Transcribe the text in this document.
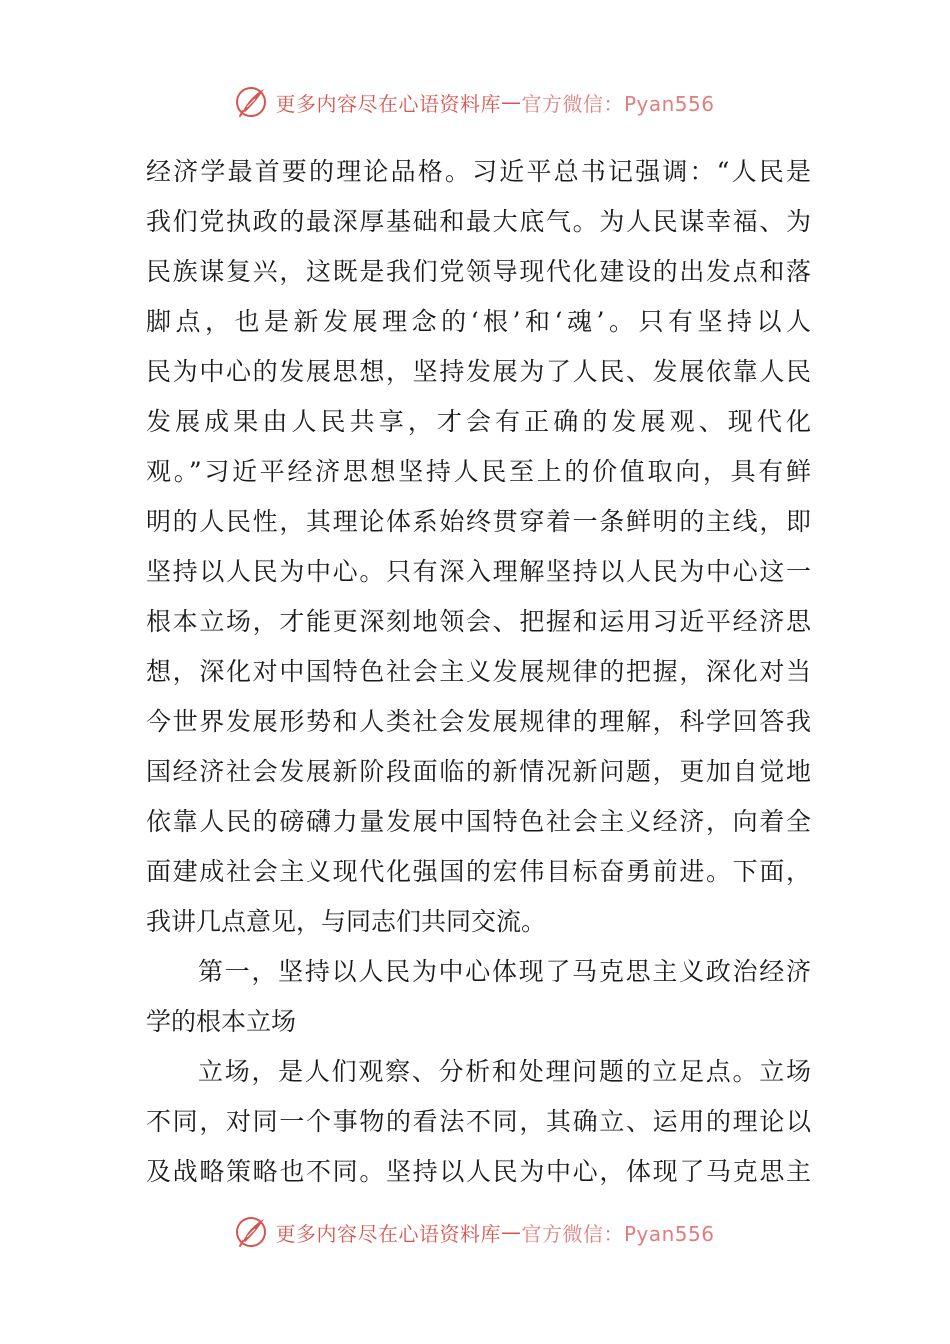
更多内容尽在心语资料库 — 官方微信：Pyan556
经济学最首要的理论品格。习近平总书记强调：“人民是
我们党执政的最深厚基础和最大底气。为人民谋幸福、为
民族谋复兴，这既是我们党领导现代化建设的出发点和落
脚点，也是新发展理念的‘根’和‘魂’。只有坚持以人
民为中心的发展思想，坚持发展为了人民、发展依靠人民
发展成果由人民共享，才会有正确的发展观、现代化
观。”习近平经济思想坚持人民至上的价值取向，具有鲜
明的人民性，其理论体系始终贯穿着一条鲜明的主线，即
坚持以人民为中心。只有深入理解坚持以人民为中心这一
根本立场，才能更深刻地领会、把握和运用习近平经济思
想，深化对中国特色社会主义发展规律的把握，深化对当
今世界发展形势和人类社会发展规律的理解，科学回答我
国经济社会发展新阶段面临的新情况新问题，更加自觉地
依靠人民的磅礴力量发展中国特色社会主义经济，向着全
面建成社会主义现代化强国的宏伟目标奋勇前进。下面，
我讲几点意见，与同志们共同交流。
第一，坚持以人民为中心体现了马克思主义政治经济
学的根本立场
立场，是人们观察、分析和处理问题的立足点。立场
不同，对同一个事物的看法不同，其确立、运用的理论以
及战略策略也不同。坚持以人民为中心，体现了马克思主
更多内容尽在心语资料库 — 官方微信：Pyan556
